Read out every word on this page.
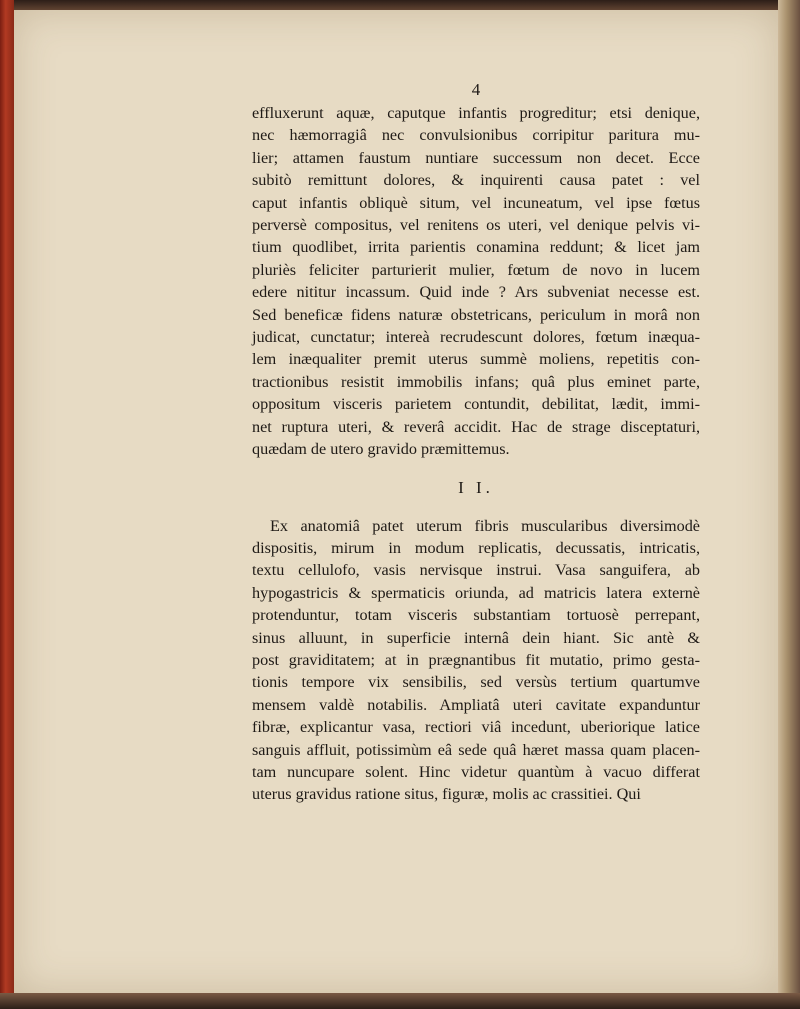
4

effluxerunt aquæ, caputque infantis progreditur; etsi denique,
nec hæmorragiâ nec convulsionibus corripitur paritura mu-
lier; attamen faustum nuntiare successum non decet. Ecce
subitò remittunt dolores, & inquirenti causa patet : vel
caput infantis obliquè situm, vel incuneatum, vel ipse fœtus
perversè compositus, vel renitens os uteri, vel denique pelvis vi-
tium quodlibet, irrita parientis conamina reddunt; & licet jam
pluriès feliciter parturierit mulier, fœtum de novo in lucem
edere nititur incassum. Quid inde ? Ars subveniat necesse est.
Sed beneficæ fidens naturæ obstetricans, periculum in morâ non
judicat, cunctatur; intereà recrudescunt dolores, fœtum inæqua-
lem inæqualiter premit uterus summè moliens, repetitis con-
tractionibus resistit immobilis infans; quâ plus eminet parte,
oppositum visceris parietem contundit, debilitat, lædit, immi-
net ruptura uteri, & reverâ accidit. Hac de strage disceptaturi,
quædam de utero gravido præmittemus.

I I.

Ex anatomiâ patet uterum fibris muscularibus diversimodè
dispositis, mirum in modum replicatis, decussatis, intricatis,
textu cellulofo, vasis nervisque instrui. Vasa sanguifera, ab
hypogastricis & spermaticis oriunda, ad matricis latera externè
protenduntur, totam visceris substantiam tortuosè perrepant,
sinus alluunt, in superficie internâ dein hiant. Sic antè &
post graviditatem; at in prægnantibus fit mutatio, primo gesta-
tionis tempore vix sensibilis, sed versùs tertium quartumve
mensem valdè notabilis. Ampliatâ uteri cavitate expanduntur
fibræ, explicantur vasa, rectiori viâ incedunt, uberiorique latice
sanguis affluit, potissimùm eâ sede quâ hæret massa quam placen-
tam nuncupare solent. Hinc videtur quantùm à vacuo differat
uterus gravidus ratione situs, figuræ, molis ac crassitiei. Qui
